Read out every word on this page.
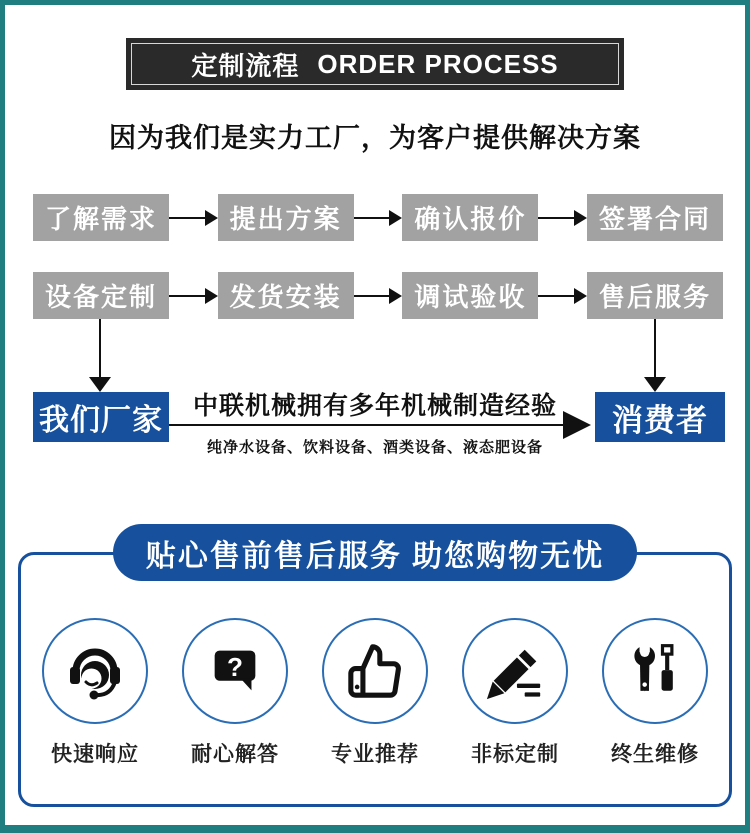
定制流程 ORDER PROCESS
因为我们是实力工厂，为客户提供解决方案
了解需求	提出方案	确认报价	签署合同
设备定制	发货安装	调试验收	售后服务
我们厂家	中联机械拥有多年机械制造经验
纯净水设备、饮料设备、酒类设备、液态肥设备
消费者
贴心售前售后服务 助您购物无忧
快速响应
?
耐心解答 专业推荐 非标定制 终生维修
